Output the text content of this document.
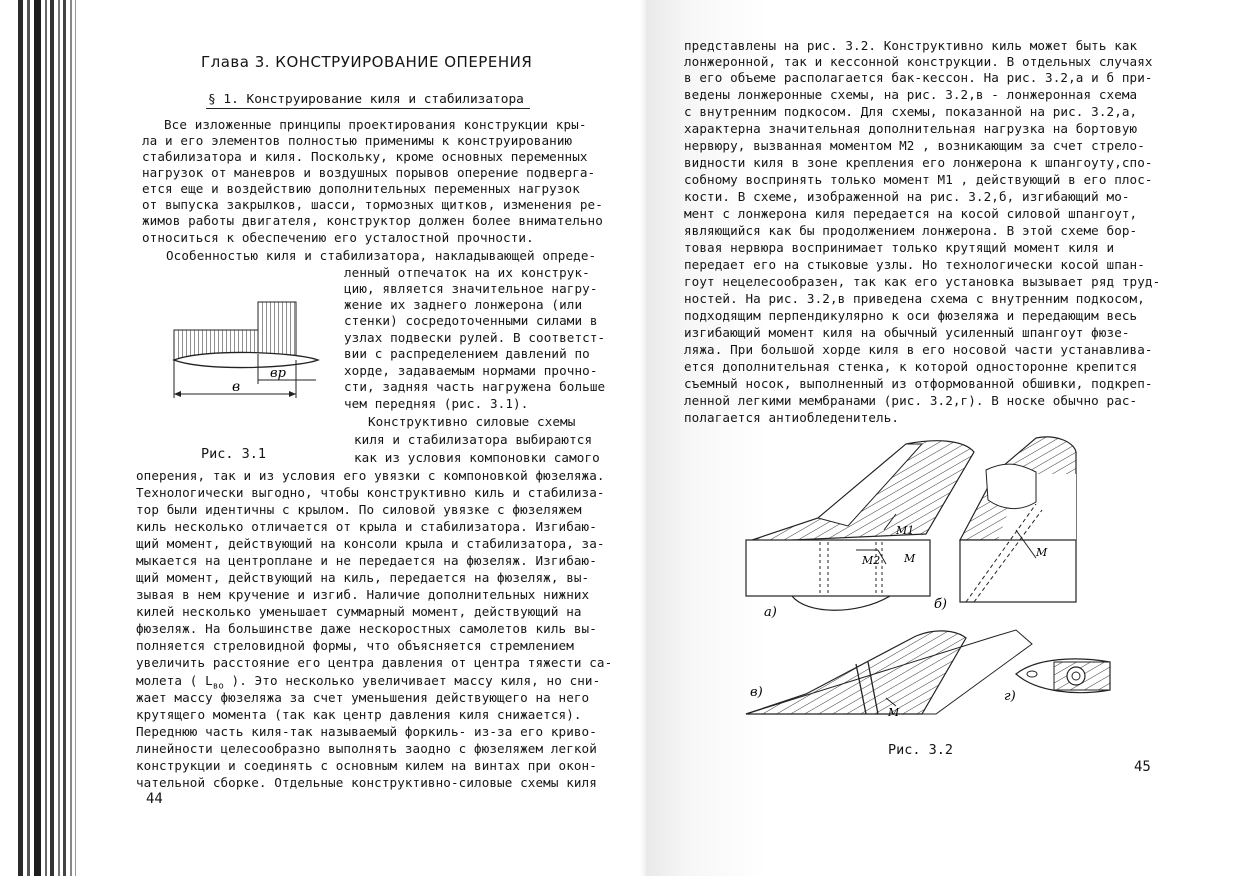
Глава 3. КОНСТРУИРОВАНИЕ ОПЕРЕНИЯ
§ 1. Конструирование киля и стабилизатора
Все изложенные принципы проектирования конструкции кры-
ла и его элементов полностью применимы к конструированию
стабилизатора и киля. Поскольку, кроме основных переменных
нагрузок от маневров и воздушных порывов оперение подверга-
ется еще и воздействию дополнительных переменных нагрузок
от выпуска закрылков, шасси, тормозных щитков, изменения ре-
жимов работы двигателя, конструктор должен более внимательно
относиться к обеспечению его усталостной прочности.
Особенностью киля и стабилизатора, накладывающей опреде-
ленный отпечаток на их конструк-
цию, является значительное нагру-
жение их заднего лонжерона (или
стенки) сосредоточенными силами в
узлах подвески рулей. В соответст-
вии с распределением давлений по
хорде, задаваемым нормами прочно-
сти, задняя часть нагружена больше
чем передняя (рис. 3.1).
Конструктивно силовые схемы
киля и стабилизатора выбираются
как из условия компоновки самого
оперения, так и из условия его увязки с компоновкой фюзеляжа.
Технологически выгодно, чтобы конструктивно киль и стабилиза-
тор были идентичны с крылом. По силовой увязке с фюзеляжем
киль несколько отличается от крыла и стабилизатора. Изгибаю-
щий момент, действующий на консоли крыла и стабилизатора, за-
мыкается на центроплане и не передается на фюзеляж. Изгибаю-
щий момент, действующий на киль, передается на фюзеляж, вы-
зывая в нем кручение и изгиб. Наличие дополнительных нижних
килей несколько уменьшает суммарный момент, действующий на
фюзеляж. На большинстве даже нескоростных самолетов киль вы-
полняется стреловидной формы, что объясняется стремлением
увеличить расстояние его центра давления от центра тяжести са-
молета ( $L_{вo}$ ). Это несколько увеличивает массу киля, но сни-
жает массу фюзеляжа за счет уменьшения действующего на него
крутящего момента (так как центр давления киля снижается).
Переднюю часть киля-так называемый форкиль- из-за его криво-
линейности целесообразно выполнять заодно с фюзеляжем легкой
конструкции и соединять с основным килем на винтах при окон-
чательной сборке. Отдельные конструктивно-силовые схемы киля
в
вр
Рис. 3.1
44
представлены на рис. 3.2. Конструктивно киль может быть как
лонжеронной, так и кессонной конструкции. В отдельных случаях
в его объеме располагается бак-кессон. На рис. 3.2,а и б при-
ведены лонжеронные схемы, на рис. 3.2,в - лонжеронная схема
с внутренним подкосом. Для схемы, показанной на рис. 3.2,а,
характерна значительная дополнительная нагрузка на бортовую
нервюру, вызванная моментом M2 , возникающим за счет стрело-
видности киля в зоне крепления его лонжерона к шпангоуту,спо-
собному воспринять только момент M1 , действующий в его плос-
кости. В схеме, изображенной на рис. 3.2,б, изгибающий мо-
мент с лонжерона киля передается на косой силовой шпангоут,
являющийся как бы продолжением лонжерона. В этой схеме бор-
товая нервюра воспринимает только крутящий момент киля и
передает его на стыковые узлы. Но технологически косой шпан-
гоут нецелесообразен, так как его установка вызывает ряд труд-
ностей. На рис. 3.2,в приведена схема с внутренним подкосом,
подходящим перпендикулярно к оси фюзеляжа и передающим весь
изгибающий момент киля на обычный усиленный шпангоут фюзе-
ляжа. При большой хорде киля в его носовой части устанавлива-
ется дополнительная стенка, к которой односторонне крепится
съемный носок, выполненный из отформованной обшивки, подкреп-
ленной легкими мембранами (рис. 3.2,г). В носке обычно рас-
полагается антиобледенитель.
M1
M2 M
а)
M
б)
M
в)	г)
Рис. 3.2
45
